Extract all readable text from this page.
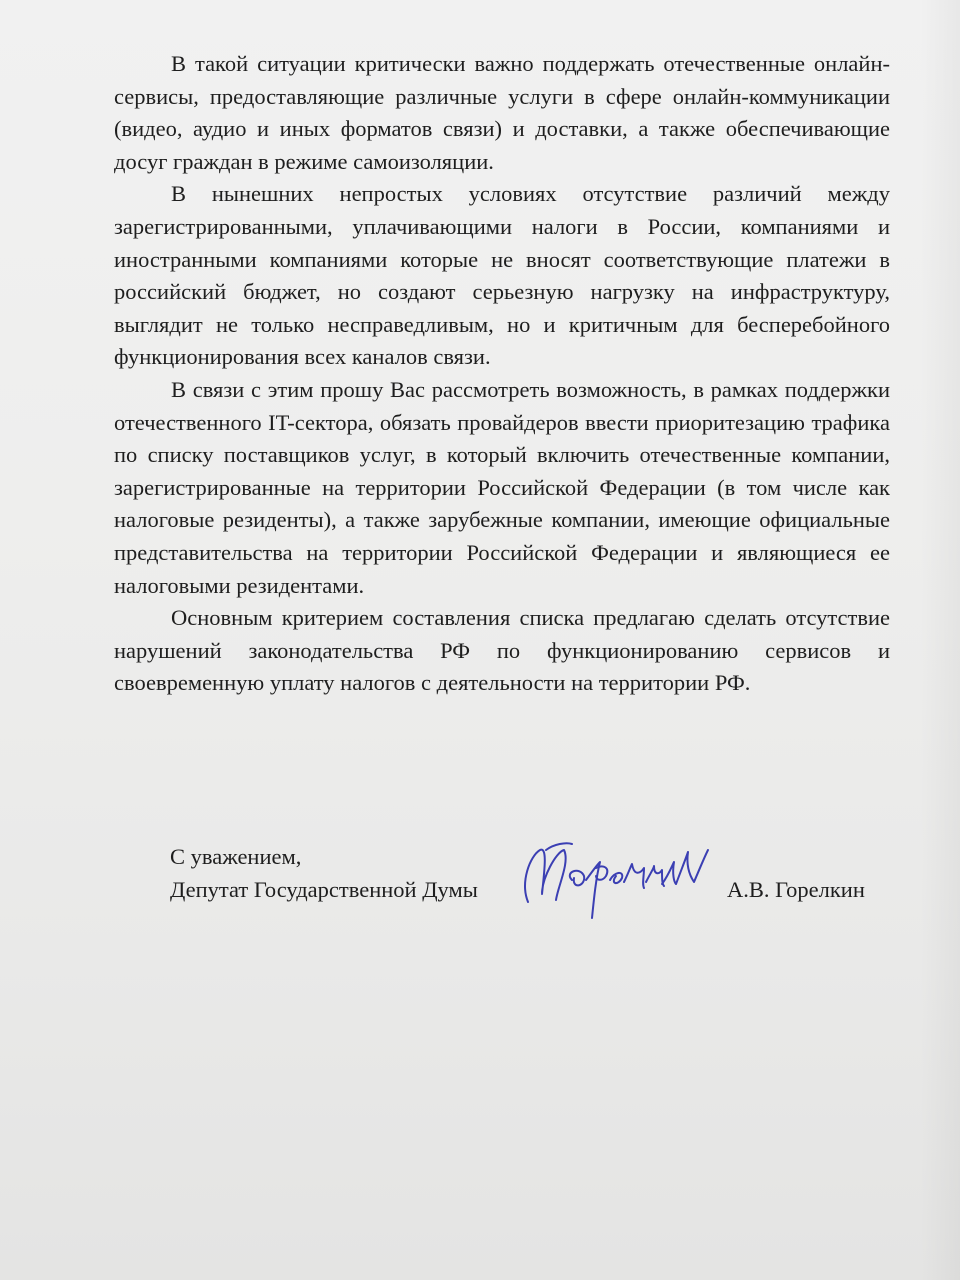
В такой ситуации критически важно поддержать отечественные онлайн-сервисы, предоставляющие различные услуги в сфере онлайн-коммуникации (видео, аудио и иных форматов связи) и доставки, а также обеспечивающие досуг граждан в режиме самоизоляции.

В нынешних непростых условиях отсутствие различий между зарегистрированными, уплачивающими налоги в России, компаниями и иностранными компаниями которые не вносят соответствующие платежи в российский бюджет, но создают серьезную нагрузку на инфраструктуру, выглядит не только несправедливым, но и критичным для бесперебойного функционирования всех каналов связи.

В связи с этим прошу Вас рассмотреть возможность, в рамках поддержки отечественного IT-сектора, обязать провайдеров ввести приоритезацию трафика по списку поставщиков услуг, в который включить отечественные компании, зарегистрированные на территории Российской Федерации (в том числе как налоговые резиденты), а также зарубежные компании, имеющие официальные представительства на территории Российской Федерации и являющиеся ее налоговыми резидентами.

Основным критерием составления списка предлагаю сделать отсутствие нарушений законодательства РФ по функционированию сервисов и своевременную уплату налогов с деятельности на территории РФ.

С уважением,
Депутат Государственной Думы	А.В. Горелкин
